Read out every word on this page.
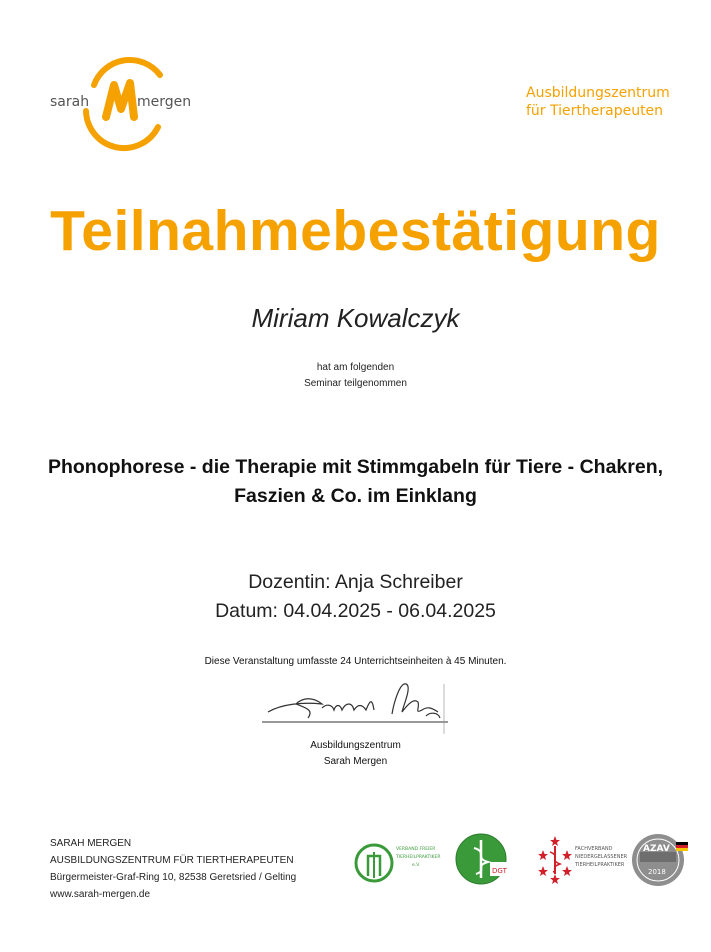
sarah	mergen
Ausbildungszentrum
für Tiertherapeuten
Teilnahmebestätigung
Miriam Kowalczyk
hat am folgenden
Seminar teilgenommen
Phonophorese - die Therapie mit Stimmgabeln für Tiere - Chakren,
Faszien & Co. im Einklang
Dozentin: Anja Schreiber
Datum: 04.04.2025 - 06.04.2025
Diese Veranstaltung umfasste 24 Unterrichtseinheiten à 45 Minuten.
Ausbildungszentrum
Sarah Mergen
SARAH MERGEN
AUSBILDUNGSZENTRUM FÜR TIERTHERAPEUTEN
Bürgermeister-Graf-Ring 10, 82538 Geretsried / Gelting
www.sarah-mergen.de
VERBAND FREIER
TIERHEILPRAKTIKER
e.V.
DGT
FACHVERBAND
NIEDERGELASSENER
TIERHEILPRAKTIKER
AZAV
2018
